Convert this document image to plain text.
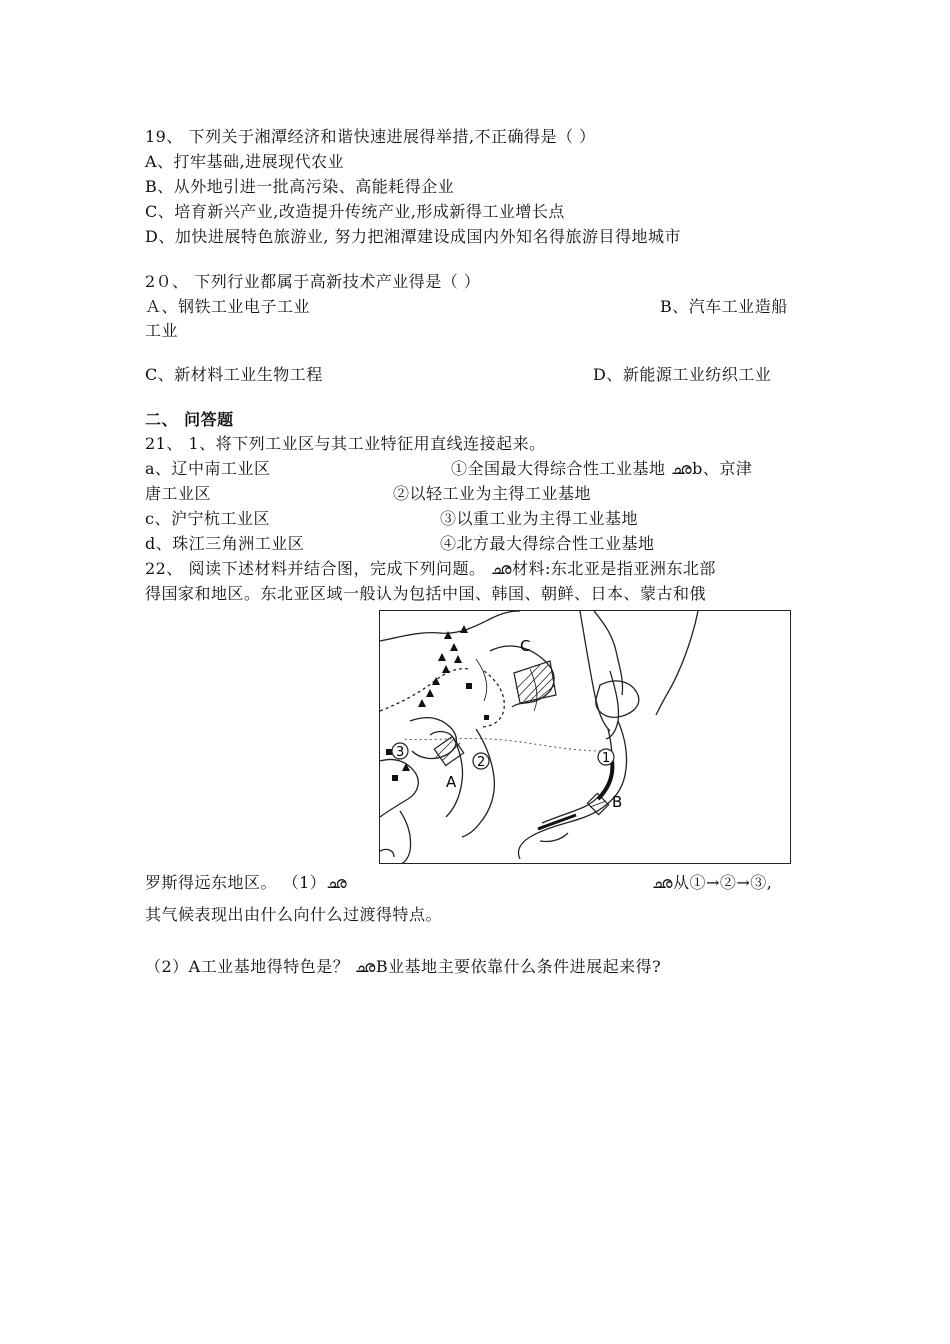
19、 下列关于湘潭经济和谐快速进展得举措,不正确得是（ ）
A、打牢基础,进展现代农业
B、从外地引进一批高污染、高能耗得企业
C、培育新兴产业,改造提升传统产业,形成新得工业增长点
D、加快进展特色旅游业, 努力把湘潭建设成国内外知名得旅游目得地城市
2０、 下列行业都属于高新技术产业得是（ ）
Ａ、钢铁工业电子工业	B、汽车工业造船
工业
C、新材料工业生物工程	D、新能源工业纺织工业
二、 问答题
21、 1、将下列工业区与其工业特征用直线连接起来。
a、辽中南工业区	①全国最大得综合性工业基地 ഛb、京津
唐工业区	②以轻工业为主得工业基地
c、沪宁杭工业区	③以重工业为主得工业基地
d、珠江三角洲工业区	④北方最大得综合性工业基地
22、 阅读下述材料并结合图，完成下列问题。 ഛ材料:东北亚是指亚洲东北部
得国家和地区。东北亚区域一般认为包括中国、韩国、朝鲜、日本、蒙古和俄
C
A
B
1
2
3
罗斯得远东地区。 （1）ഛ	ഛ从①→②→③,
其气候表现出由什么向什么过渡得特点。
（2）A工业基地得特色是？ ഛB业基地主要依靠什么条件进展起来得?
